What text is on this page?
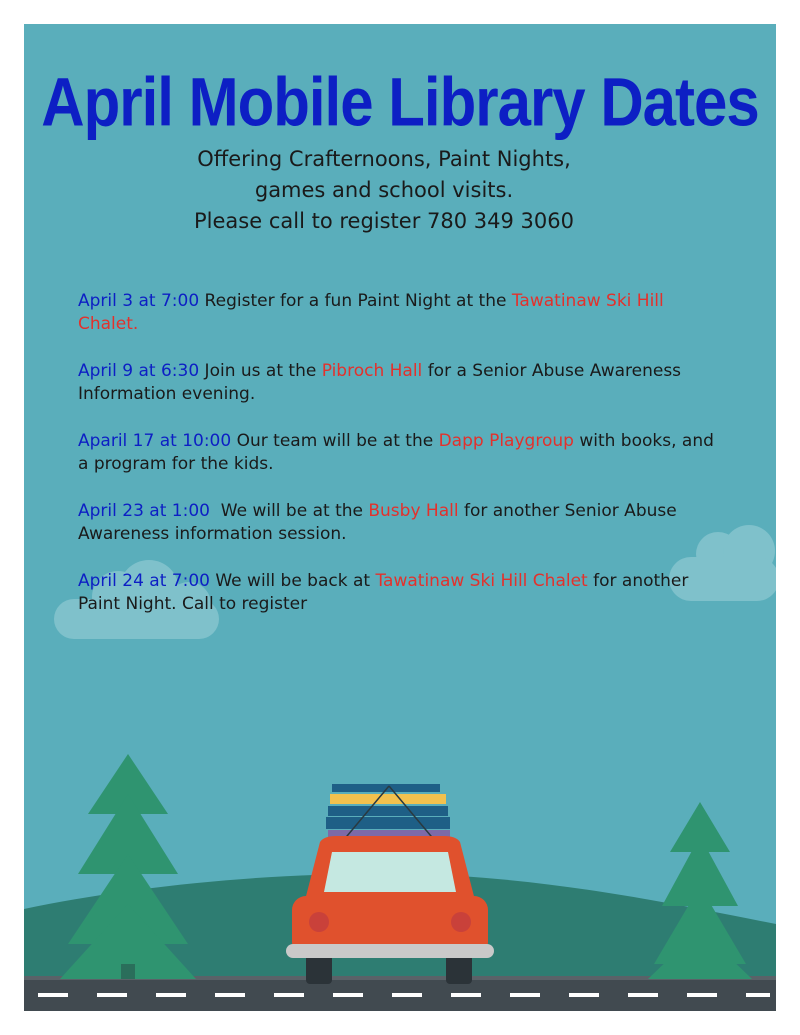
April Mobile Library Dates
Offering Crafternoons, Paint Nights,
games and school visits.
Please call to register 780 349 3060

April 3 at 7:00 Register for a fun Paint Night at the Tawatinaw Ski Hill Chalet.

April 9 at 6:30 Join us at the Pibroch Hall for a Senior Abuse Awareness Information evening.

Aparil 17 at 10:00 Our team will be at the Dapp Playgroup with books, and a program for the kids.

April 23 at 1:00  We will be at the Busby Hall for another Senior Abuse Awareness information session.

April 24 at 7:00 We will be back at Tawatinaw Ski Hill Chalet for another Paint Night. Call to register
